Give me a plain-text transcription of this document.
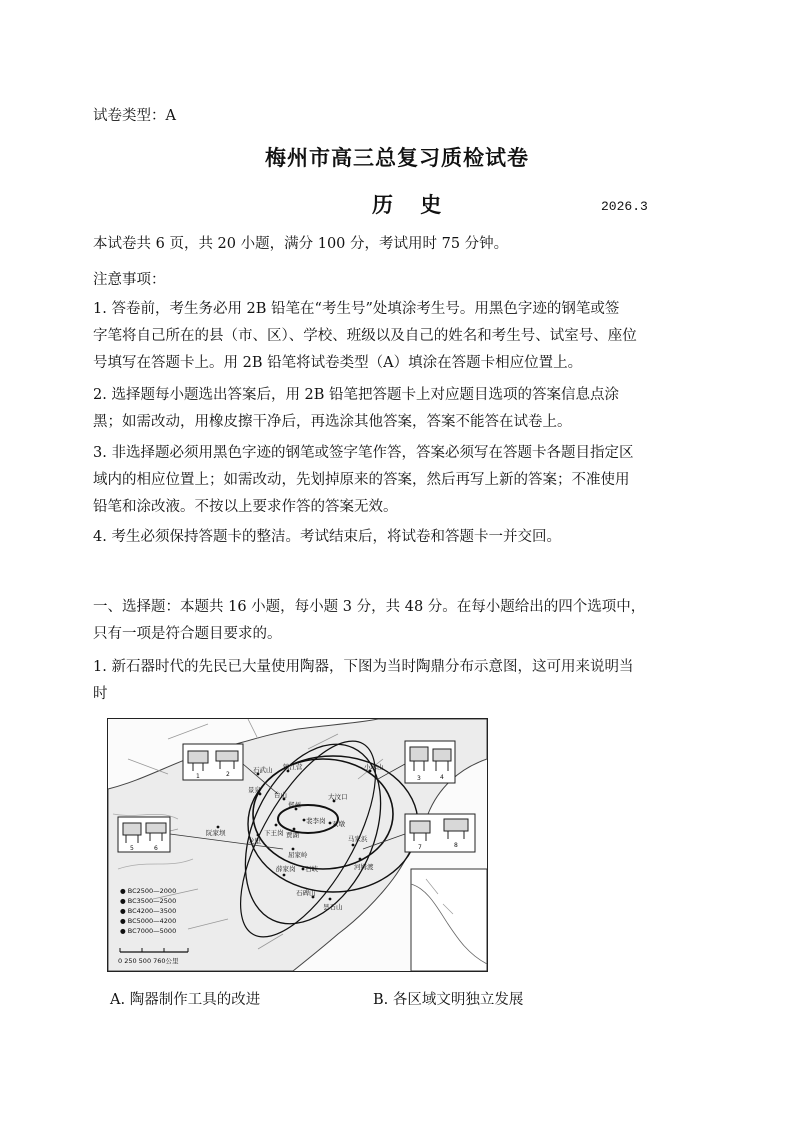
试卷类型：A
梅州市高三总复习质检试卷
历 史	2026.3
本试卷共 6 页，共 20 小题，满分 100 分，考试用时 75 分钟。
注意事项：
1. 答卷前，考生务必用 2B 铅笔在“考生号”处填涂考生号。用黑色字迹的钢笔或签
字笔将自己所在的县（市、区）、学校、班级以及自己的姓名和考生号、试室号、座位
号填写在答题卡上。用 2B 铅笔将试卷类型（A）填涂在答题卡相应位置上。
2. 选择题每小题选出答案后，用 2B 铅笔把答题卡上对应题目选项的答案信息点涂
黑；如需改动，用橡皮擦干净后，再选涂其他答案，答案不能答在试卷上。
3. 非选择题必须用黑色字迹的钢笔或签字笔作答，答案必须写在答题卡各题目指定区
域内的相应位置上；如需改动，先划掉原来的答案，然后再写上新的答案；不准使用
铅笔和涂改液。不按以上要求作答的答案无效。
4. 考生必须保持答题卡的整洁。考试结束后，将试卷和答题卡一并交回。
一、选择题：本题共 16 小题，每小题 3 分，共 48 分。在每小题给出的四个选项中，
只有一项是符合题目要求的。
1. 新石器时代的先民已大量使用陶器，下图为当时陶鼎分布示意图，这可用来说明当
时
1	2
3	4
5	6	7	8
石武山 镇江营	小珠山
景泉
台山
郑州
大汶口
裴李岗 双墩
贾湖
下王岗
阮家坝
马家浜
河姆渡
龙里
屈家岭
薛家岗 石峡
昙石山
石碑山
● BC2500—2000
● BC3500—2500
● BC4200—3500
● BC5000—4200
● BC7000—5000
0 250 500 760公里
A. 陶器制作工具的改进	B. 各区域文明独立发展
